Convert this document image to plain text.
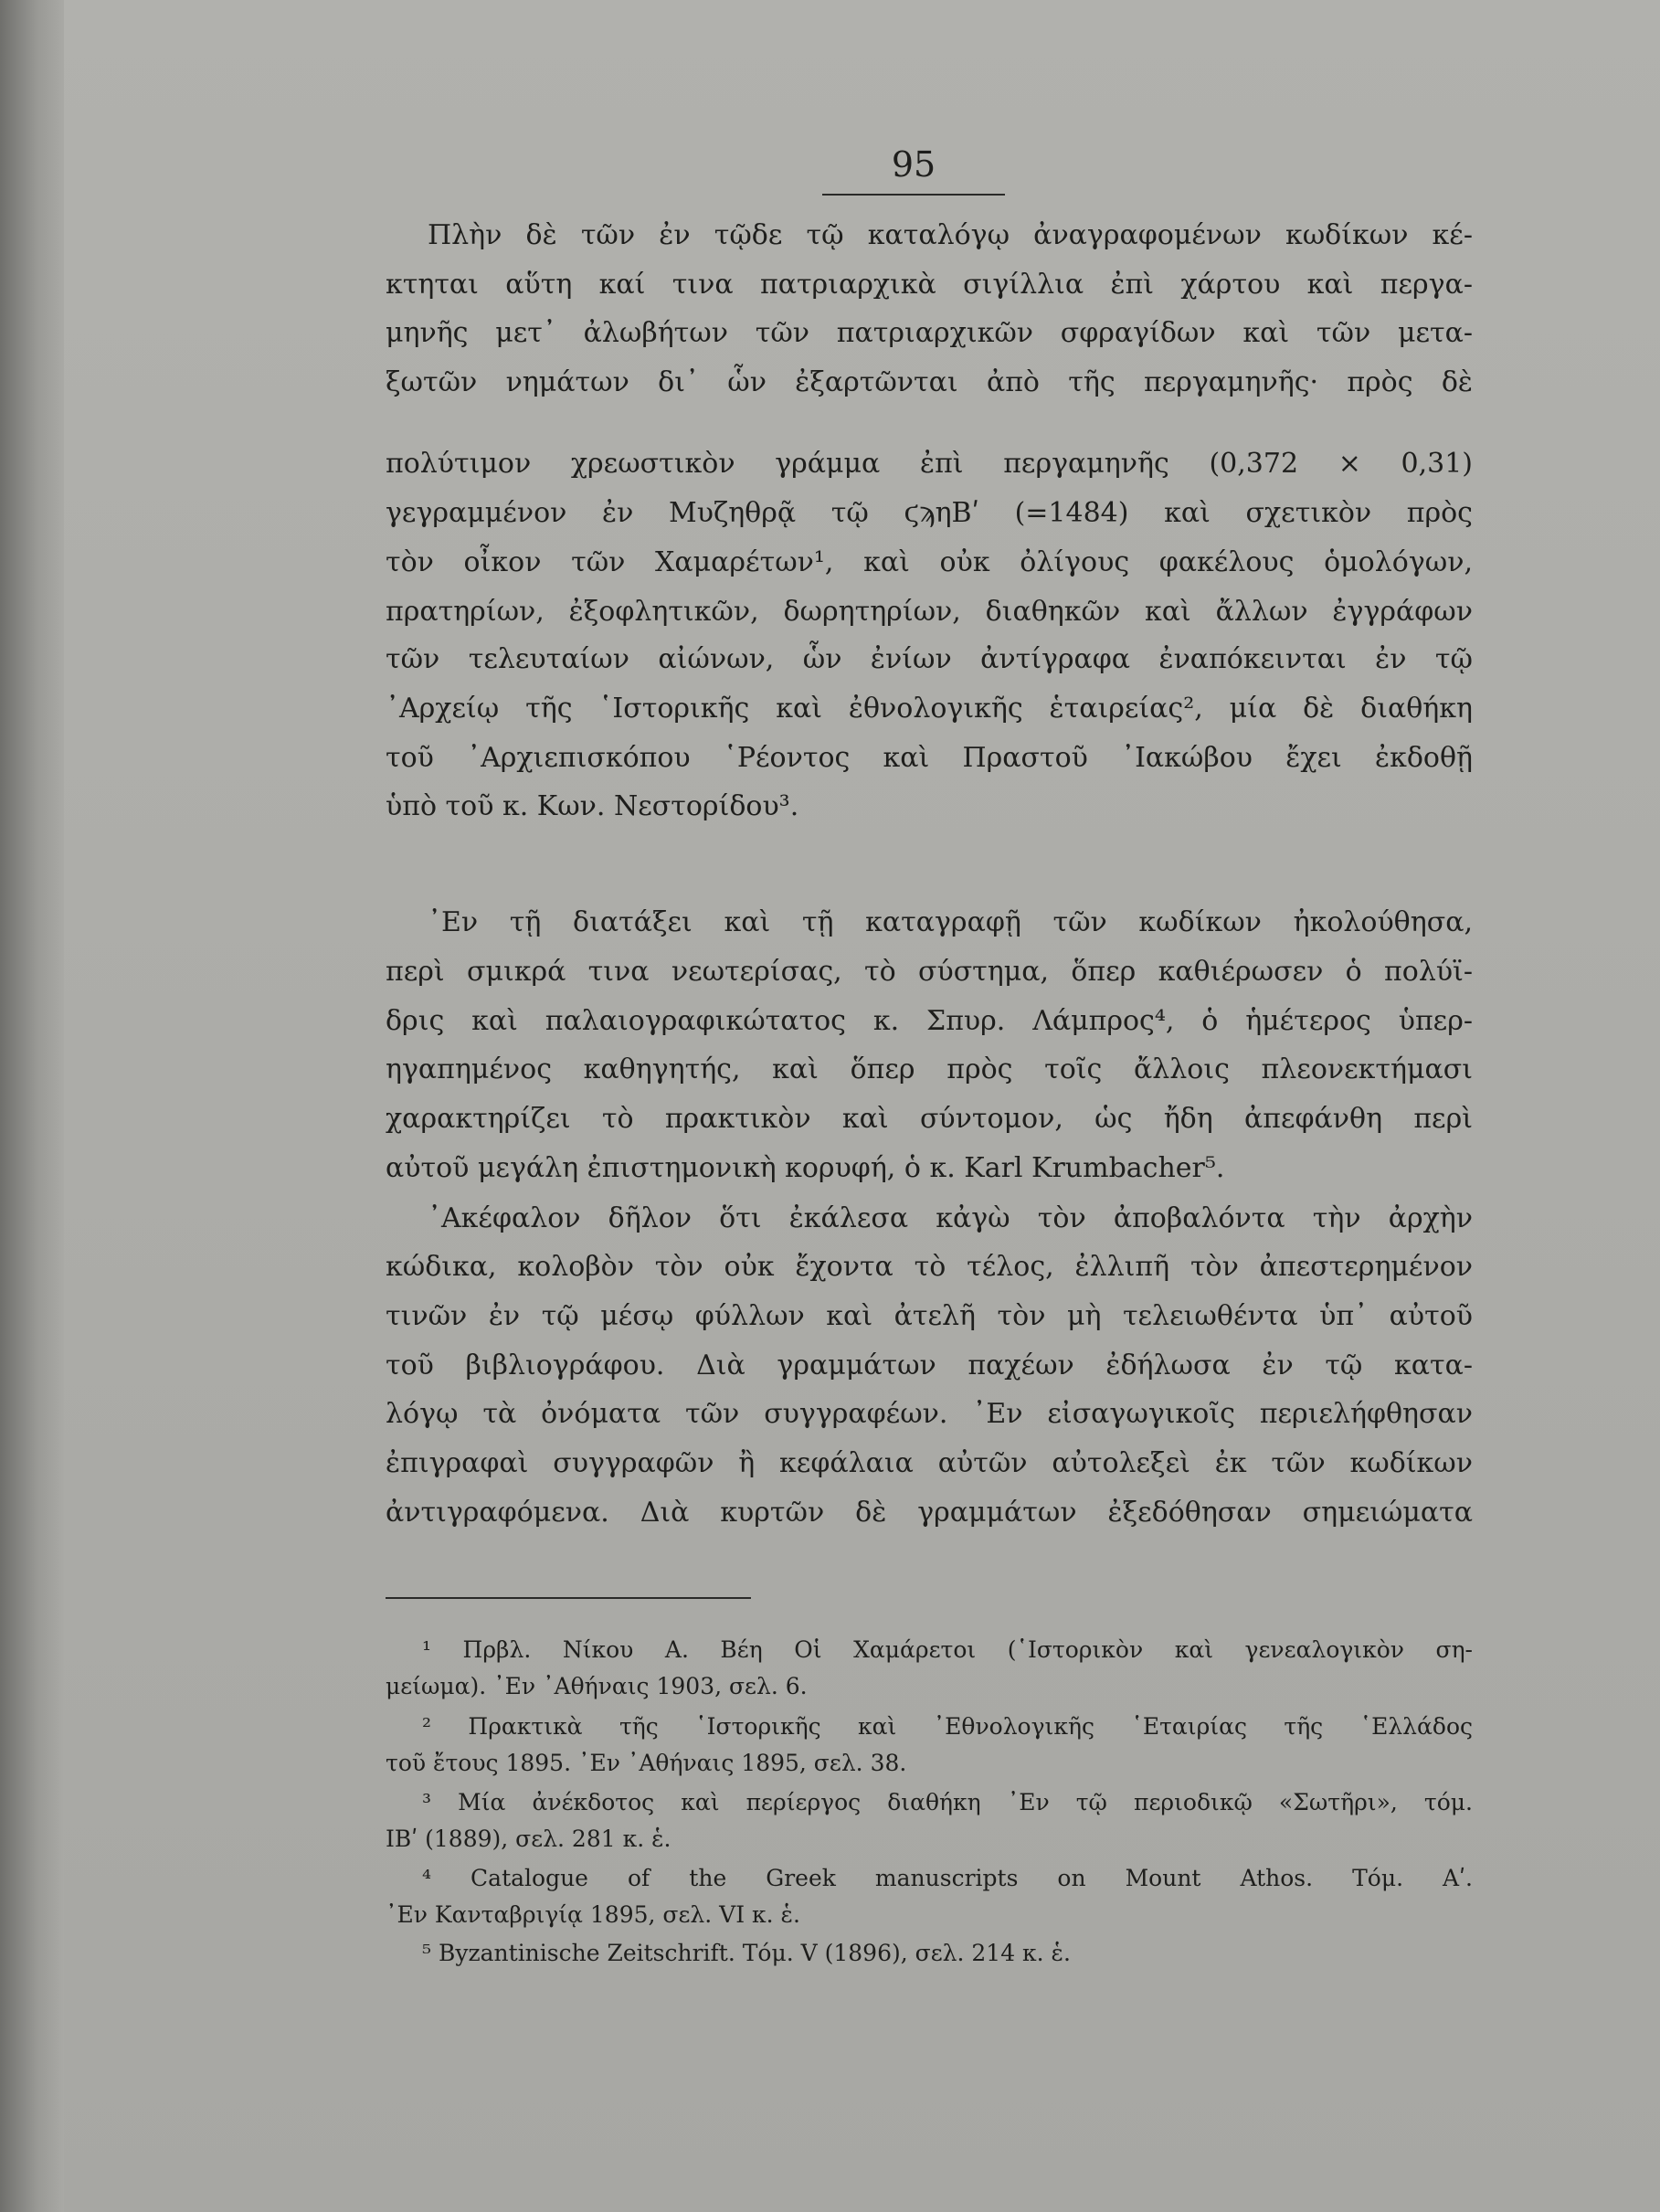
95
Πλὴν δὲ τῶν ἐν τῷδε τῷ καταλόγῳ ἀναγραφομένων κωδίκων κέ-
κτηται αὕτη καί τινα πατριαρχικὰ σιγίλλια ἐπὶ χάρτου καὶ περγα-
μηνῆς μετ᾽ ἀλωβήτων τῶν πατριαρχικῶν σφραγίδων καὶ τῶν μετα-
ξωτῶν νημάτων δι᾽ ὧν ἐξαρτῶνται ἀπὸ τῆς περγαμηνῆς· πρὸς δὲ
πολύτιμον χρεωστικὸν γράμμα ἐπὶ περγαμηνῆς (0,372 × 0,31)
γεγραμμένον ἐν Μυζηθρᾷ τῷ ϛϡηΒʹ (=1484) καὶ σχετικὸν πρὸς
τὸν οἶκον τῶν Χαμαρέτων¹, καὶ οὐκ ὀλίγους φακέλους ὁμολόγων,
πρατηρίων, ἐξοφλητικῶν, δωρητηρίων, διαθηκῶν καὶ ἄλλων ἐγγράφων
τῶν τελευταίων αἰώνων, ὧν ἐνίων ἀντίγραφα ἐναπόκεινται ἐν τῷ
᾽Αρχείῳ τῆς ῾Ιστορικῆς καὶ ἐθνολογικῆς ἑταιρείας², μία δὲ διαθήκη
τοῦ ᾽Αρχιεπισκόπου ῾Ρέοντος καὶ Πραστοῦ ᾽Ιακώβου ἔχει ἐκδοθῇ
ὑπὸ τοῦ κ. Κων. Νεστορίδου³.
᾽Εν τῇ διατάξει καὶ τῇ καταγραφῇ τῶν κωδίκων ἠκολούθησα,
περὶ σμικρά τινα νεωτερίσας, τὸ σύστημα, ὅπερ καθιέρωσεν ὁ πολύϊ-
δρις καὶ παλαιογραφικώτατος κ. Σπυρ. Λάμπρος⁴, ὁ ἡμέτερος ὑπερ-
ηγαπημένος καθηγητής, καὶ ὅπερ πρὸς τοῖς ἄλλοις πλεονεκτήμασι
χαρακτηρίζει τὸ πρακτικὸν καὶ σύντομον, ὡς ἤδη ἀπεφάνθη περὶ
αὐτοῦ μεγάλη ἐπιστημονικὴ κορυφή, ὁ κ. Karl Krumbacher⁵.
᾽Ακέφαλον δῆλον ὅτι ἐκάλεσα κἀγὼ τὸν ἀποβαλόντα τὴν ἀρχὴν
κώδικα, κολοβὸν τὸν οὐκ ἔχοντα τὸ τέλος, ἐλλιπῆ τὸν ἀπεστερημένον
τινῶν ἐν τῷ μέσῳ φύλλων καὶ ἀτελῆ τὸν μὴ τελειωθέντα ὑπ᾽ αὐτοῦ
τοῦ βιβλιογράφου. Διὰ γραμμάτων παχέων ἐδήλωσα ἐν τῷ κατα-
λόγῳ τὰ ὀνόματα τῶν συγγραφέων. ᾽Εν εἰσαγωγικοῖς περιελήφθησαν
ἐπιγραφαὶ συγγραφῶν ἢ κεφάλαια αὐτῶν αὐτολεξεὶ ἐκ τῶν κωδίκων
ἀντιγραφόμενα. Διὰ κυρτῶν δὲ γραμμάτων ἐξεδόθησαν σημειώματα
¹ Πρβλ. Νίκου Α. Βέη Οἱ Χαμάρετοι (῾Ιστορικὸν καὶ γενεαλογικὸν ση-
μείωμα). ᾽Εν ᾽Αθήναις 1903, σελ. 6.
² Πρακτικὰ τῆς ῾Ιστορικῆς καὶ ᾽Εθνολογικῆς ῾Εταιρίας τῆς ῾Ελλάδος
τοῦ ἔτους 1895. ᾽Εν ᾽Αθήναις 1895, σελ. 38.
³ Μία ἀνέκδοτος καὶ περίεργος διαθήκη ᾽Εν τῷ περιοδικῷ «Σωτῆρι», τόμ.
ΙΒʹ (1889), σελ. 281 κ. ἑ.
⁴ Catalogue of the Greek manuscripts on Mount Athos. Τόμ. Αʹ.
᾽Εν Κανταβριγίᾳ 1895, σελ. VI κ. ἑ.
⁵ Byzantinische Zeitschrift. Τόμ. V (1896), σελ. 214 κ. ἑ.
